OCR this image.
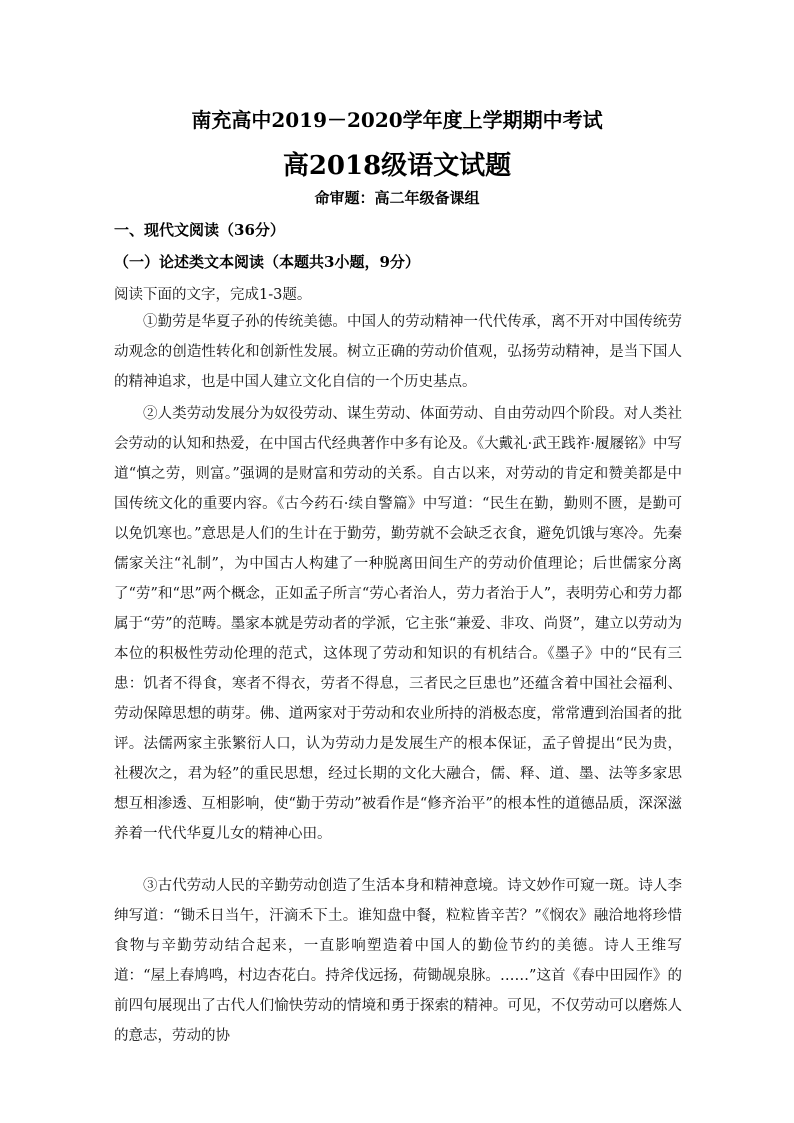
南充高中2019－2020学年度上学期期中考试
高2018级语文试题
命审题：高二年级备课组
一、现代文阅读（36分）
（一）论述类文本阅读（本题共3小题，9分）
阅读下面的文字，完成1-3题。

①勤劳是华夏子孙的传统美德。中国人的劳动精神一代代传承，离不开对中国传统劳动观念的创造性转化和创新性发展。树立正确的劳动价值观，弘扬劳动精神，是当下国人的精神追求，也是中国人建立文化自信的一个历史基点。

②人类劳动发展分为奴役劳动、谋生劳动、体面劳动、自由劳动四个阶段。对人类社会劳动的认知和热爱，在中国古代经典著作中多有论及。《大戴礼·武王践祚·履屦铭》中写道“慎之劳，则富。”强调的是财富和劳动的关系。自古以来，对劳动的肯定和赞美都是中国传统文化的重要内容。《古今药石·续自警篇》中写道：“民生在勤，勤则不匮，是勤可以免饥寒也。”意思是人们的生计在于勤劳，勤劳就不会缺乏衣食，避免饥饿与寒冷。先秦儒家关注“礼制”，为中国古人构建了一种脱离田间生产的劳动价值理论；后世儒家分离了“劳”和“思”两个概念，正如孟子所言“劳心者治人，劳力者治于人”，表明劳心和劳力都属于“劳”的范畴。墨家本就是劳动者的学派，它主张“兼爱、非攻、尚贤”，建立以劳动为本位的积极性劳动伦理的范式，这体现了劳动和知识的有机结合。《墨子》中的“民有三患：饥者不得食，寒者不得衣，劳者不得息，三者民之巨患也”还蕴含着中国社会福利、劳动保障思想的萌芽。佛、道两家对于劳动和农业所持的消极态度，常常遭到治国者的批评。法儒两家主张繁衍人口，认为劳动力是发展生产的根本保证，孟子曾提出“民为贵，社稷次之，君为轻”的重民思想，经过长期的文化大融合，儒、释、道、墨、法等多家思想互相渗透、互相影响，使“勤于劳动”被看作是“修齐治平”的根本性的道德品质，深深滋养着一代代华夏儿女的精神心田。

③古代劳动人民的辛勤劳动创造了生活本身和精神意境。诗文妙作可窥一斑。诗人李绅写道：“锄禾日当午，汗滴禾下土。谁知盘中餐，粒粒皆辛苦？”《悯农》融洽地将珍惜食物与辛勤劳动结合起来，一直影响塑造着中国人的勤俭节约的美德。诗人王维写道：“屋上春鸠鸣，村边杏花白。持斧伐远扬，荷锄觇泉脉。……”这首《春中田园作》的前四句展现出了古代人们愉快劳动的情境和勇于探索的精神。可见，不仅劳动可以磨炼人的意志，劳动的协
